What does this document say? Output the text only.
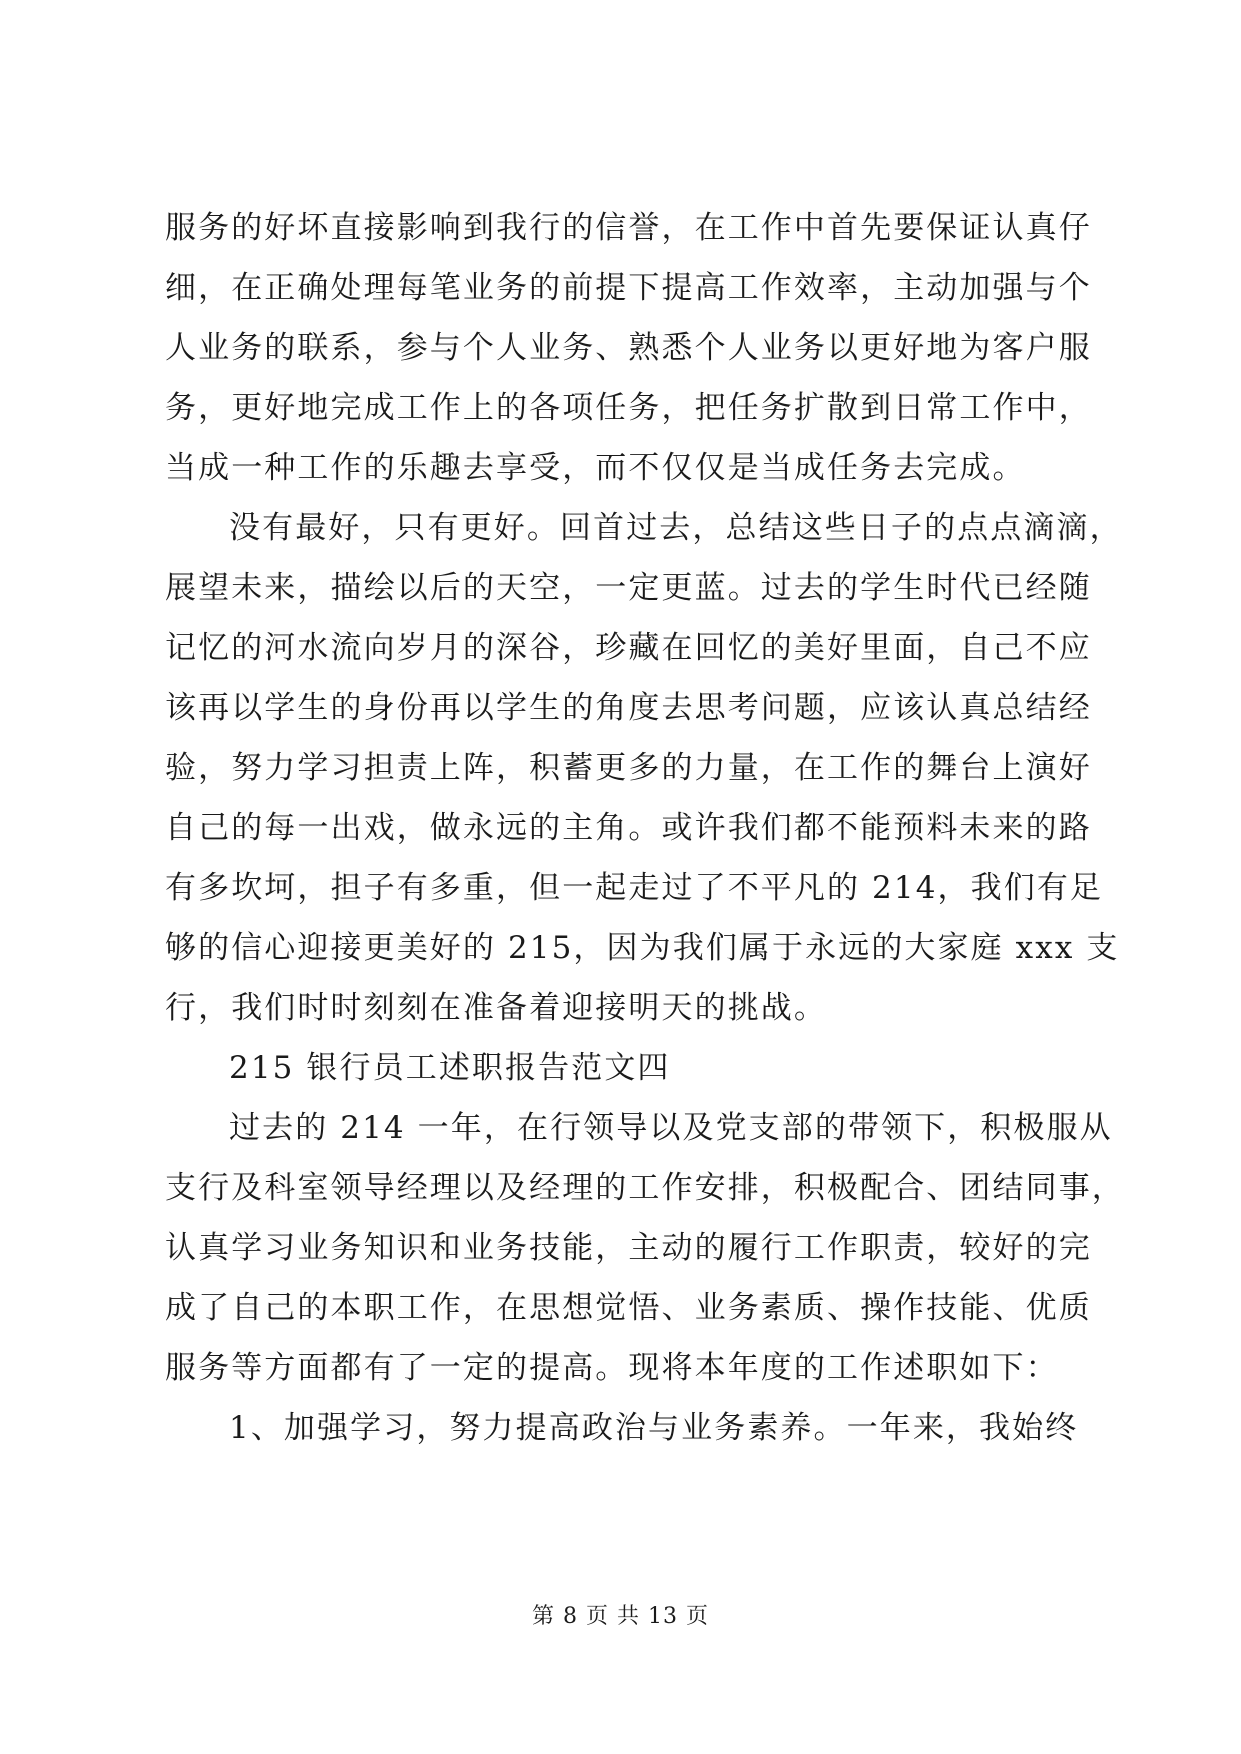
服务的好坏直接影响到我行的信誉，在工作中首先要保证认真仔
细，在正确处理每笔业务的前提下提高工作效率，主动加强与个
人业务的联系，参与个人业务、熟悉个人业务以更好地为客户服
务，更好地完成工作上的各项任务，把任务扩散到日常工作中，
当成一种工作的乐趣去享受，而不仅仅是当成任务去完成。
没有最好，只有更好。回首过去，总结这些日子的点点滴滴，
展望未来，描绘以后的天空，一定更蓝。过去的学生时代已经随
记忆的河水流向岁月的深谷，珍藏在回忆的美好里面，自己不应
该再以学生的身份再以学生的角度去思考问题，应该认真总结经
验，努力学习担责上阵，积蓄更多的力量，在工作的舞台上演好
自己的每一出戏，做永远的主角。或许我们都不能预料未来的路
有多坎坷，担子有多重，但一起走过了不平凡的 214，我们有足
够的信心迎接更美好的 215，因为我们属于永远的大家庭 xxx 支
行，我们时时刻刻在准备着迎接明天的挑战。
215 银行员工述职报告范文四
过去的 214 一年，在行领导以及党支部的带领下，积极服从
支行及科室领导经理以及经理的工作安排，积极配合、团结同事，
认真学习业务知识和业务技能，主动的履行工作职责，较好的完
成了自己的本职工作，在思想觉悟、业务素质、操作技能、优质
服务等方面都有了一定的提高。现将本年度的工作述职如下：
1、加强学习，努力提高政治与业务素养。一年来，我始终
第 8 页 共 13 页
